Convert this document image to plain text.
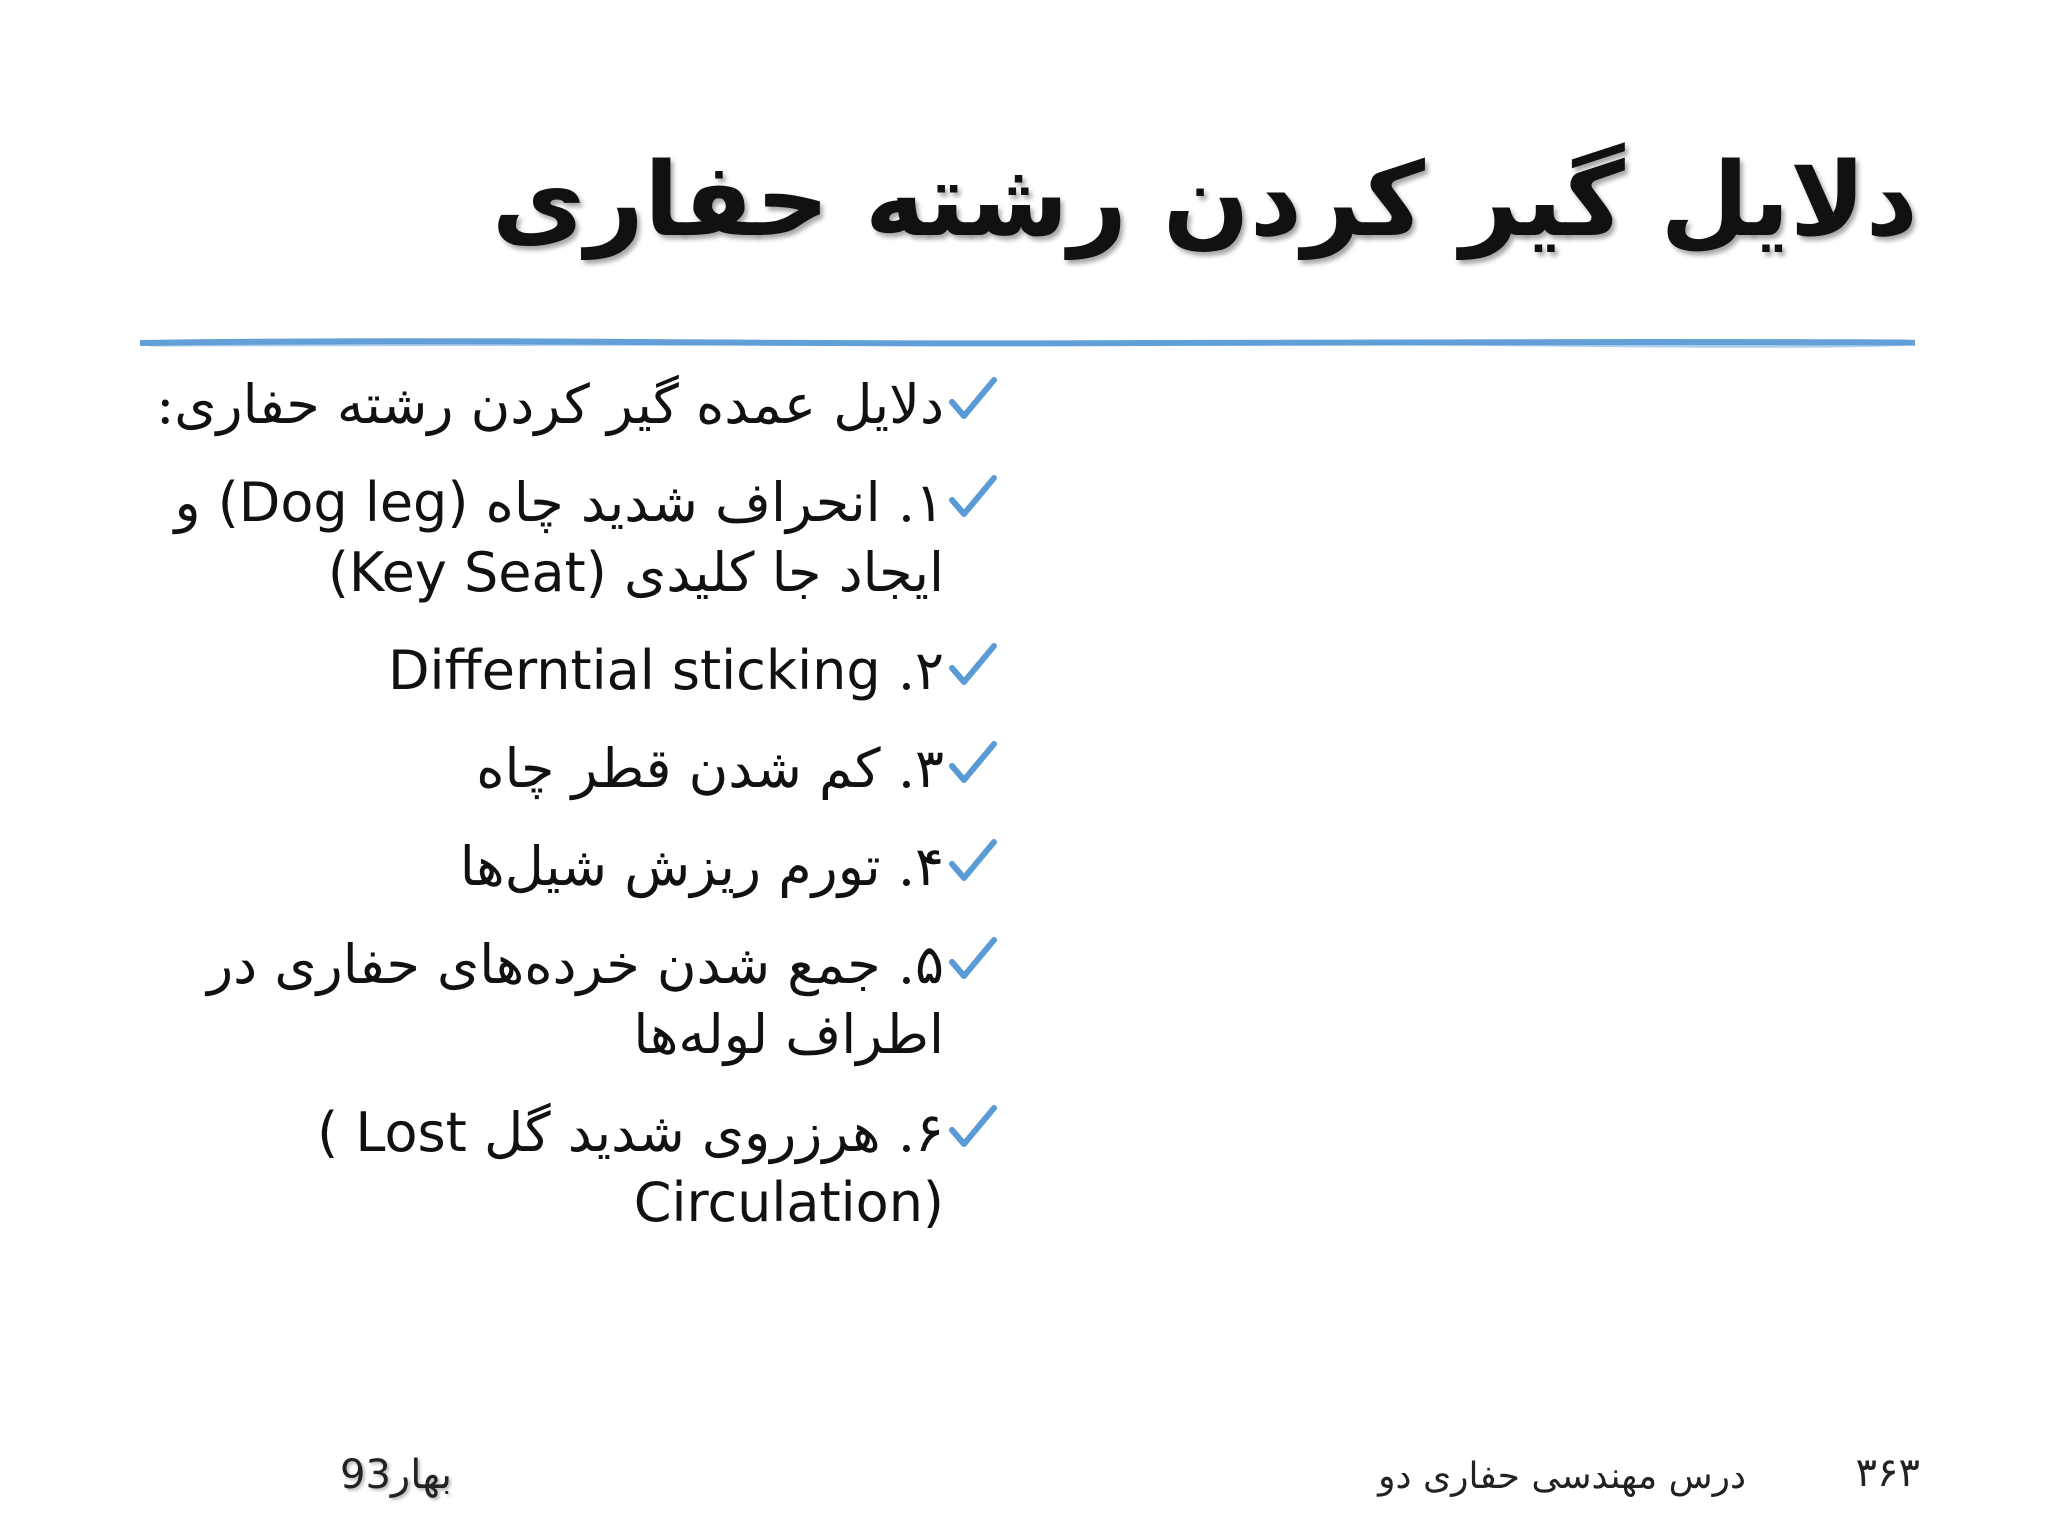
دلایل گیر کردن رشته حفاری
دلایل عمده گیر کردن رشته حفاری:
۱. انحراف شدید چاه (Dog leg) و ایجاد جا کلیدی (Key Seat)
۲. Differntial sticking
۳. کم شدن قطر چاه
۴. تورم ریزش شیل‌ها
۵. جمع شدن خرده‌های حفاری در اطراف لوله‌ها
۶. هرزروی شدید گل ( Lost Circulation)
۳۶۳
درس مهندسی حفاری دو
بهار93
